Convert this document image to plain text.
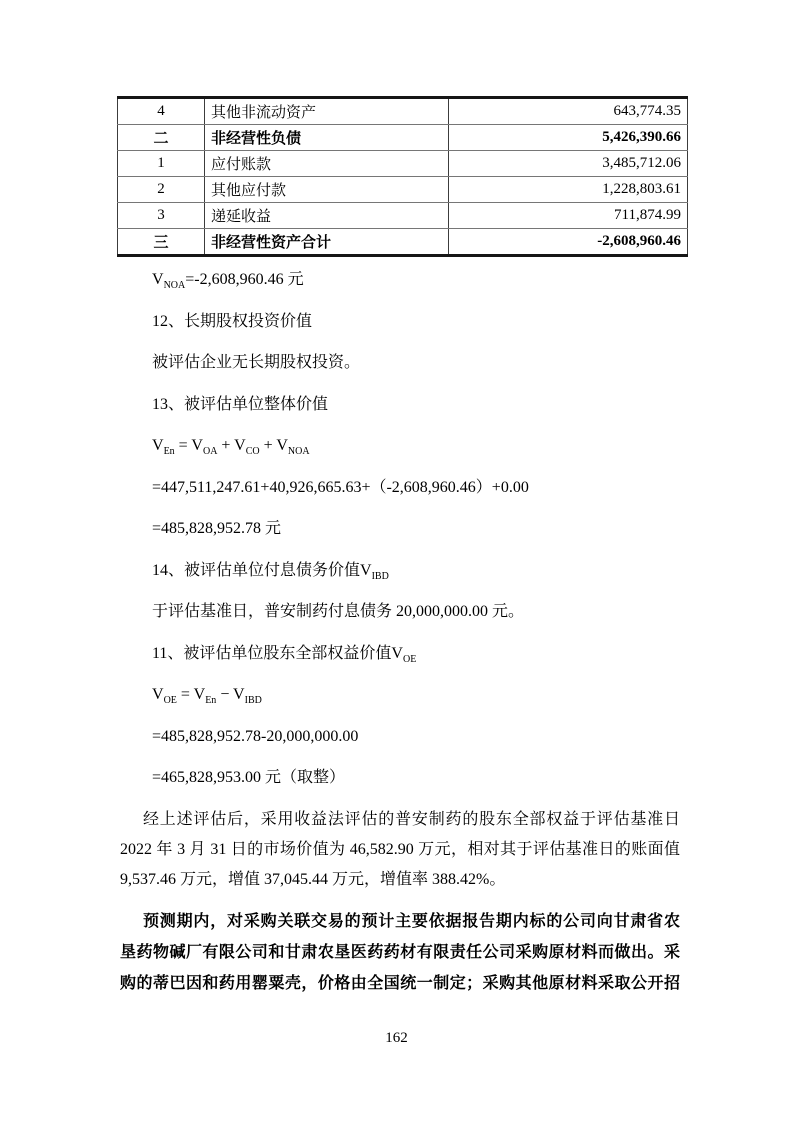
4	其他非流动资产	643,774.35
二	非经营性负债	5,426,390.66
1	应付账款	3,485,712.06
2	其他应付款	1,228,803.61
3	递延收益	711,874.99
三	非经营性资产合计	-2,608,960.46
$V_{NOA}=-2,608,960.46$ 元
12、长期股权投资价值
被评估企业无长期股权投资。
13、被评估单位整体价值
$V_{En} = V_{OA} + V_{CO} + V_{NOA}$
=447,511,247.61+40,926,665.63+（-2,608,960.46）+0.00
=485,828,952.78 元
14、被评估单位付息债务价值$V_{IBD}$
于评估基准日，普安制药付息债务 20,000,000.00 元。
11、被评估单位股东全部权益价值$V_{OE}$
$V_{OE} = V_{En} - V_{IBD}$
=485,828,952.78-20,000,000.00
=465,828,953.00 元（取整）
经上述评估后，采用收益法评估的普安制药的股东全部权益于评估基准日
2022 年 3 月 31 日的市场价值为 46,582.90 万元，相对其于评估基准日的账面值
9,537.46 万元，增值 37,045.44 万元，增值率 388.42%。
预测期内，对采购关联交易的预计主要依据报告期内标的公司向甘肃省农
垦药物碱厂有限公司和甘肃农垦医药药材有限责任公司采购原材料而做出。采
购的蒂巴因和药用罂粟壳，价格由全国统一制定；采购其他原材料采取公开招
162
